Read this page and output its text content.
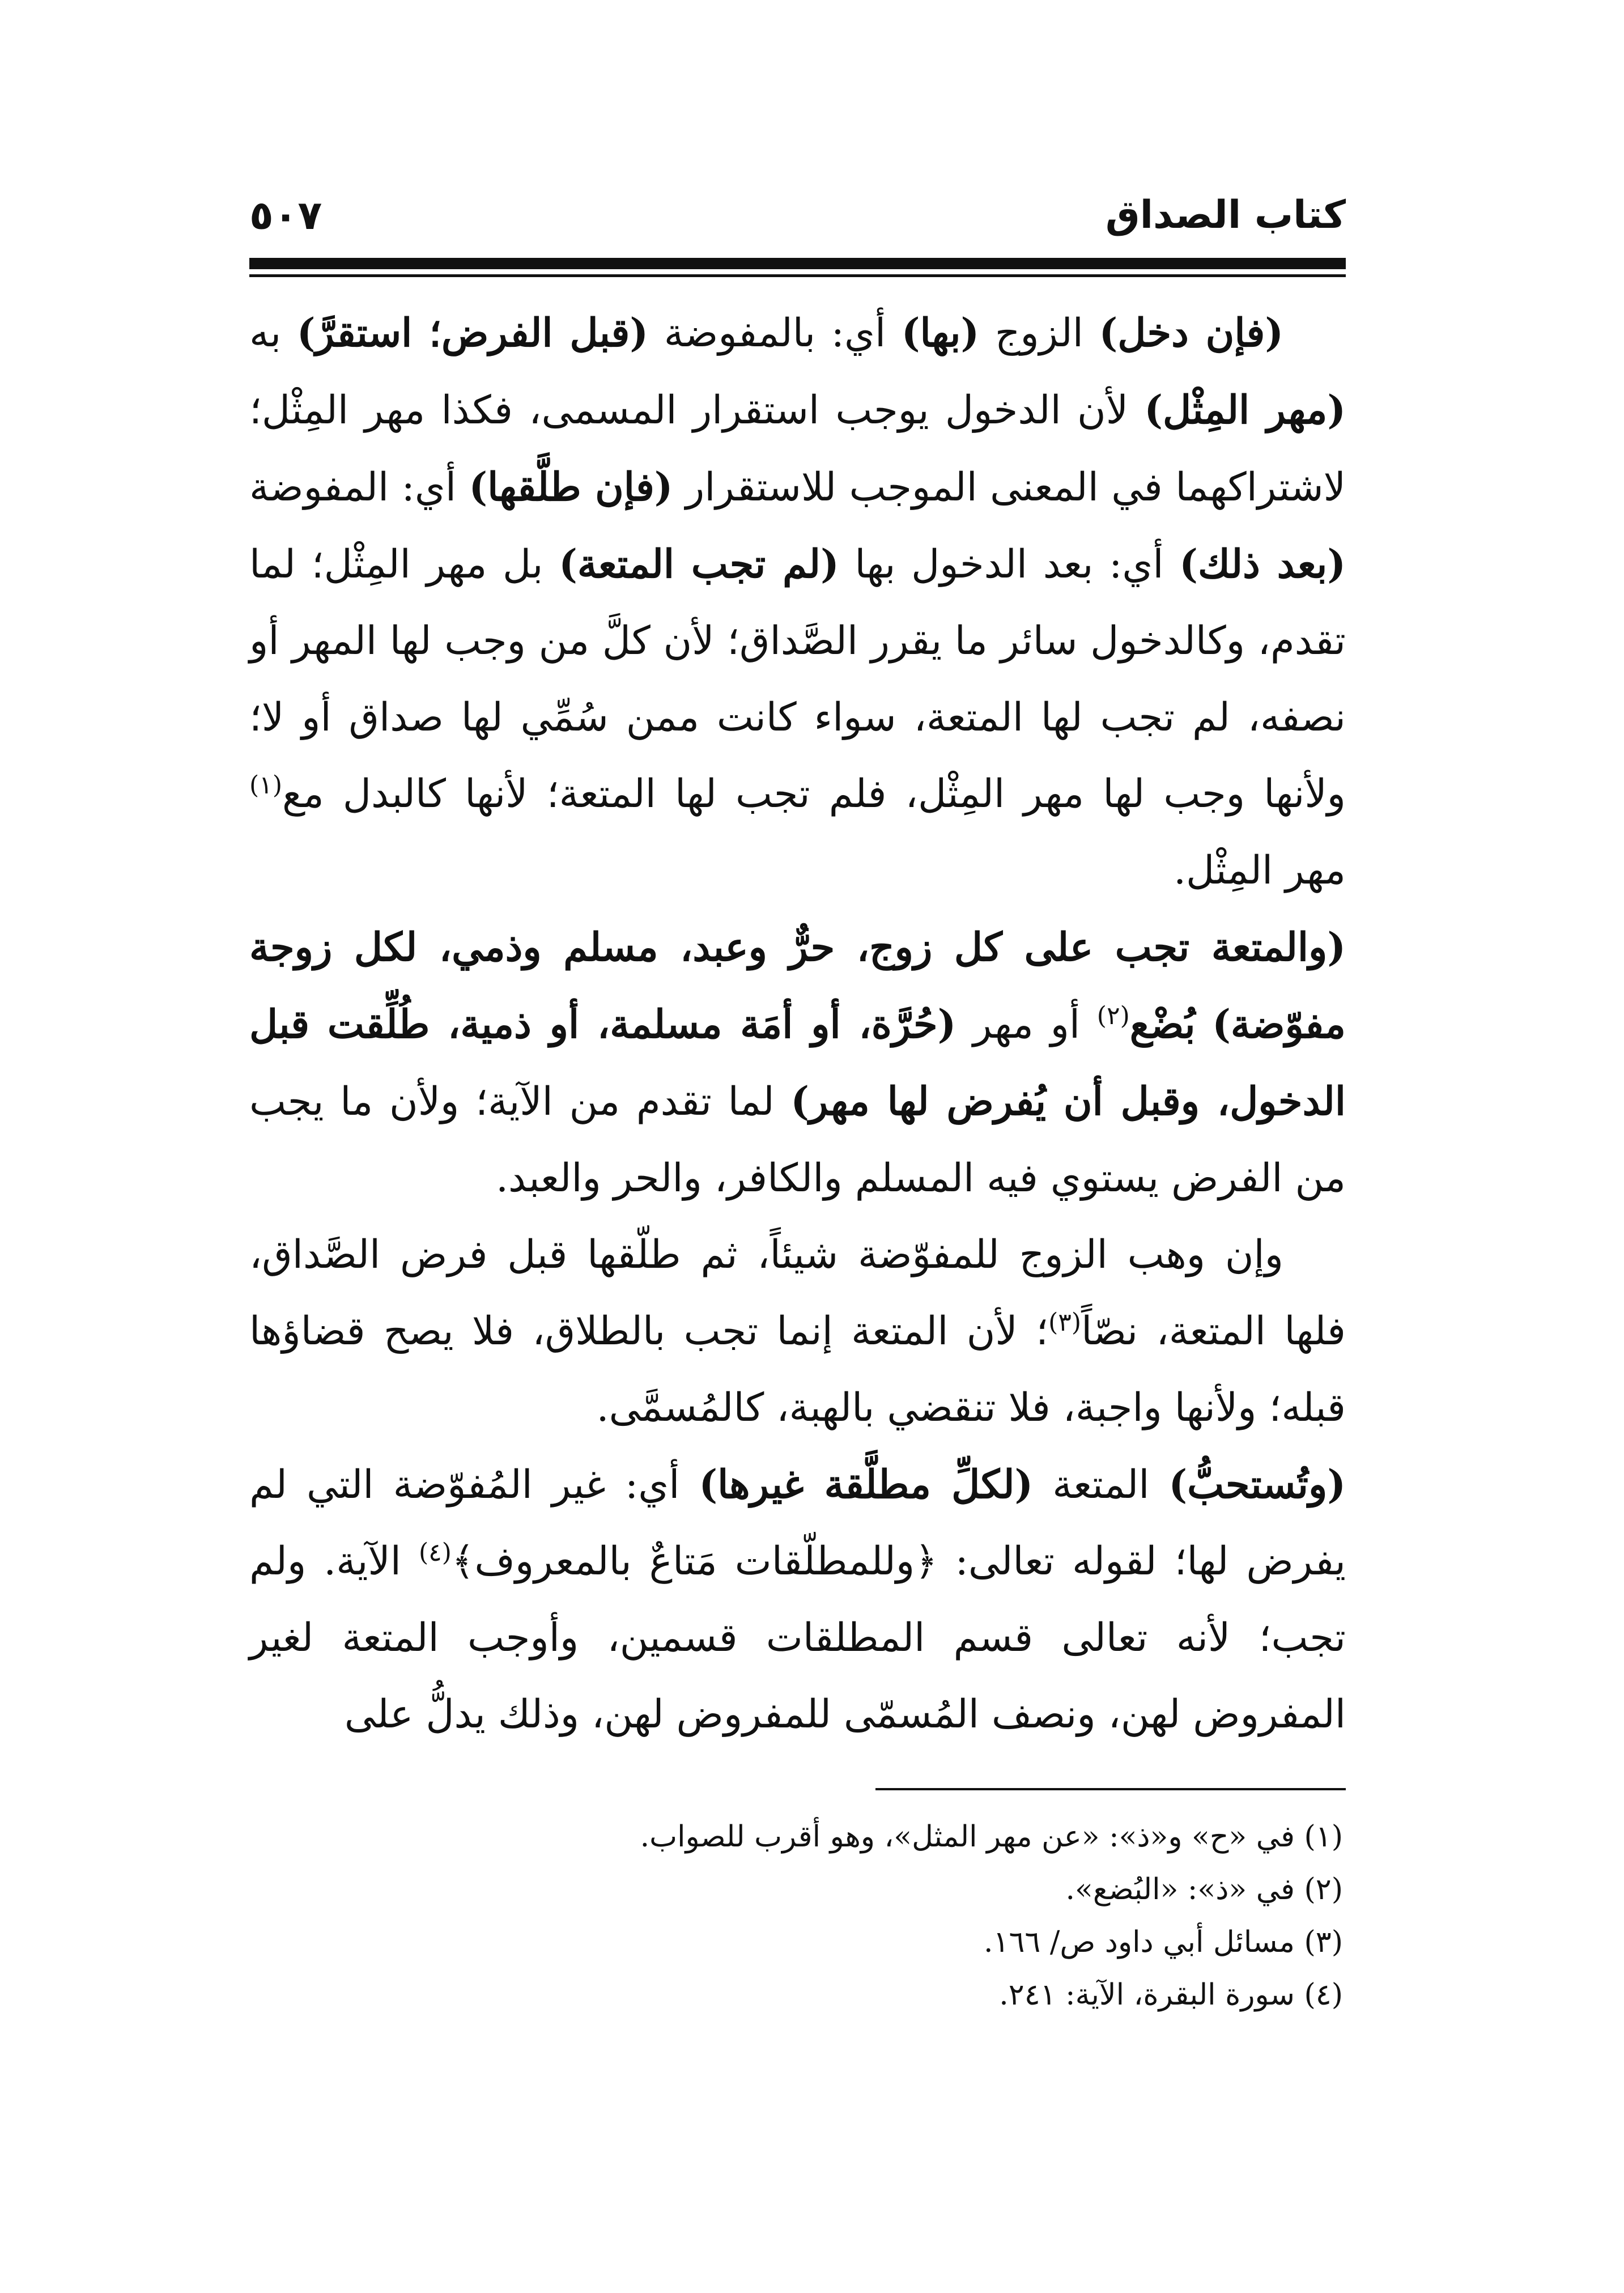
كتاب الصداق
٥٠٧

(فإن دخل) الزوج (بها) أي: بالمفوضة (قبل الفرض؛ استقرَّ) به (مهر المِثْل) لأن الدخول يوجب استقرار المسمى، فكذا مهر المِثْل؛ لاشتراكهما في المعنى الموجب للاستقرار (فإن طلَّقها) أي: المفوضة (بعد ذلك) أي: بعد الدخول بها (لم تجب المتعة) بل مهر المِثْل؛ لما تقدم، وكالدخول سائر ما يقرر الصَّداق؛ لأن كلَّ من وجب لها المهر أو نصفه، لم تجب لها المتعة، سواء كانت ممن سُمِّي لها صداق أو لا؛ ولأنها وجب لها مهر المِثْل، فلم تجب لها المتعة؛ لأنها كالبدل مع$^{(١)}$ مهر المِثْل.

(والمتعة تجب على كل زوج، حرٌّ وعبد، مسلم وذمي، لكل زوجة مفوّضة) بُضْع$^{(٢)}$ أو مهر (حُرَّة، أو أمَة مسلمة، أو ذمية، طُلِّقت قبل الدخول، وقبل أن يُفرض لها مهر) لما تقدم من الآية؛ ولأن ما يجب من الفرض يستوي فيه المسلم والكافر، والحر والعبد.

وإن وهب الزوج للمفوّضة شيئاً، ثم طلّقها قبل فرض الصَّداق، فلها المتعة، نصّاً$^{(٣)}$؛ لأن المتعة إنما تجب بالطلاق، فلا يصح قضاؤها قبله؛ ولأنها واجبة، فلا تنقضي بالهبة، كالمُسمَّى.

(وتُستحبُّ) المتعة (لكلِّ مطلَّقة غيرها) أي: غير المُفوّضة التي لم يفرض لها؛ لقوله تعالى: ﴿وللمطلّقات مَتاعٌ بالمعروف﴾$^{(٤)}$ الآية. ولم تجب؛ لأنه تعالى قسم المطلقات قسمين، وأوجب المتعة لغير المفروض لهن، ونصف المُسمّى للمفروض لهن، وذلك يدلُّ على

(١) في «ح» و«ذ»: «عن مهر المثل»، وهو أقرب للصواب.

(٢) في «ذ»: «البُضع».

(٣) مسائل أبي داود ص/ ١٦٦.

(٤) سورة البقرة، الآية: ٢٤١.
